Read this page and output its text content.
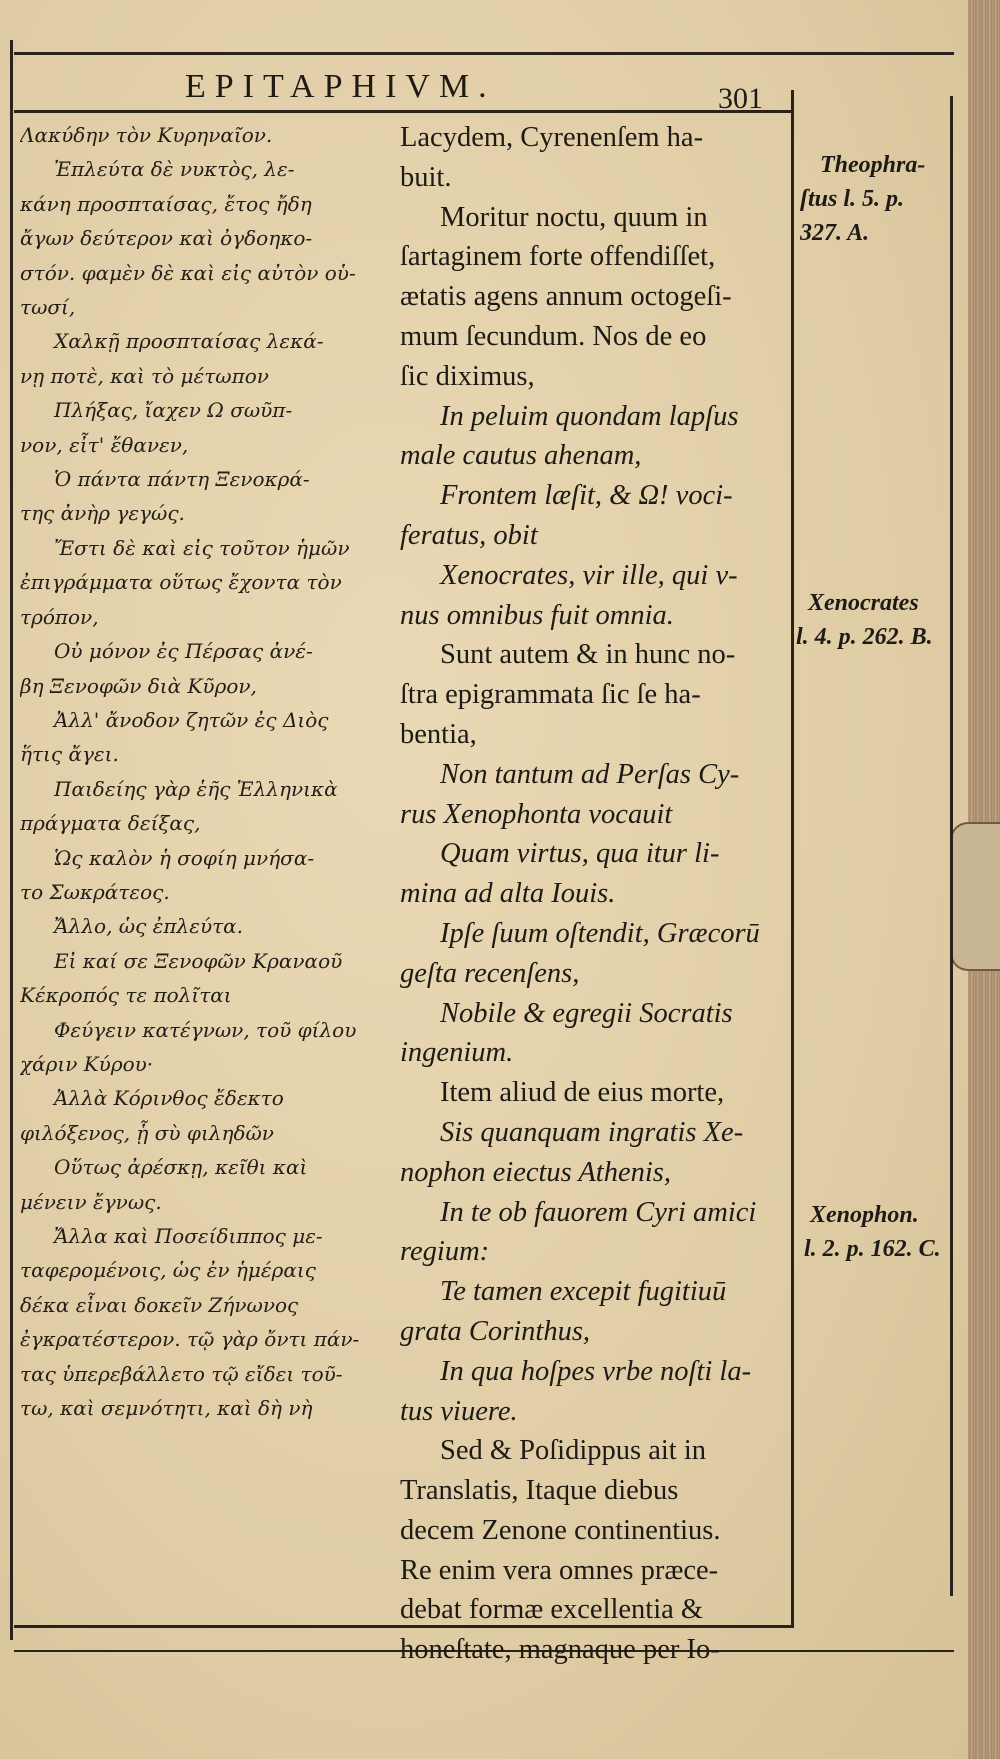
EPITAPHIVM.	301
Λακύδην τὸν Κυρηναῖον.
Ἐπλεύτα δὲ νυκτὸς, λε-
κάνη προσπταίσας, ἔτος ἤδη
ἄγων δεύτερον καὶ ὀγδοηκο-
στόν. φαμὲν δὲ καὶ εἰς αὐτὸν οὑ-
τωσί,
Χαλκῇ προσπταίσας λεκά-
νῃ ποτὲ, καὶ τὸ μέτωπον
Πλήξας, ἴαχεν Ω σωῦπ-
νον, εἶτ' ἔθανεν,
Ὁ πάντα πάντη Ξενοκρά-
της ἀνὴρ γεγώς.
Ἔστι δὲ καὶ εἰς τοῦτον ἡμῶν
ἐπιγράμματα οὕτως ἔχοντα τὸν
τρόπον,
Οὐ μόνον ἐς Πέρσας ἀνέ-
βη Ξενοφῶν διὰ Κῦρον,
Ἀλλ' ἄνοδον ζητῶν ἐς Διὸς
ἥτις ἄγει.
Παιδείης γὰρ ἑῆς Ἑλληνικὰ
πράγματα δείξας,
Ὡς καλὸν ἡ σοφίη μνήσα-
το Σωκράτεος.
Ἄλλο, ὡς ἐπλεύτα.
Εἰ καί σε Ξενοφῶν Κραναοῦ
Κέκροπός τε πολῖται
Φεύγειν κατέγνων, τοῦ φίλου
χάριν Κύρου·
Ἀλλὰ Κόρινθος ἔδεκτο
φιλόξενος, ᾗ σὺ φιληδῶν
Οὕτως ἀρέσκῃ, κεῖθι καὶ
μένειν ἔγνως.
Ἄλλα καὶ Ποσείδιππος με-
ταφερομένοις, ὡς ἐν ἡμέραις
δέκα εἶναι δοκεῖν Ζήνωνος
ἐγκρατέστερον. τῷ γὰρ ὄντι πάν-
τας ὑπερεβάλλετο τῷ εἴδει τοῦ-
τω, καὶ σεμνότητι, καὶ δὴ νὴ
Lacydem, Cyrenenſem ha-
buit.
Moritur noctu, quum in
ſartaginem forte offendiſſet,
ætatis agens annum octogeſi-
mum ſecundum. Nos de eo
ſic diximus,
In peluim quondam lapſus
male cautus ahenam,
Frontem læſit, & Ω! voci-
feratus, obit
Xenocrates, vir ille, qui v-
nus omnibus fuit omnia.
Sunt autem & in hunc no-
ſtra epigrammata ſic ſe ha-
bentia,
Non tantum ad Perſas Cy-
rus Xenophonta vocauit
Quam virtus, qua itur li-
mina ad alta Iouis.
Ipſe ſuum oſtendit, Græcorū
geſta recenſens,
Nobile & egregii Socratis
ingenium.
Item aliud de eius morte,
Sis quanquam ingratis Xe-
nophon eiectus Athenis,
In te ob fauorem Cyri amici
regium:
Te tamen excepit fugitiuū
grata Corinthus,
In qua hoſpes vrbe noſti la-
tus viuere.
Sed & Poſidippus ait in
Translatis, Itaque diebus
decem Zenone continentius.
Re enim vera omnes præce-
debat formæ excellentia &
honeſtate, magnaque per Io-
Theophra-
ſtus l. 5. p.
327. A.
Xenocrates
l. 4. p. 262. B.
Xenophon.
l. 2. p. 162. C.
